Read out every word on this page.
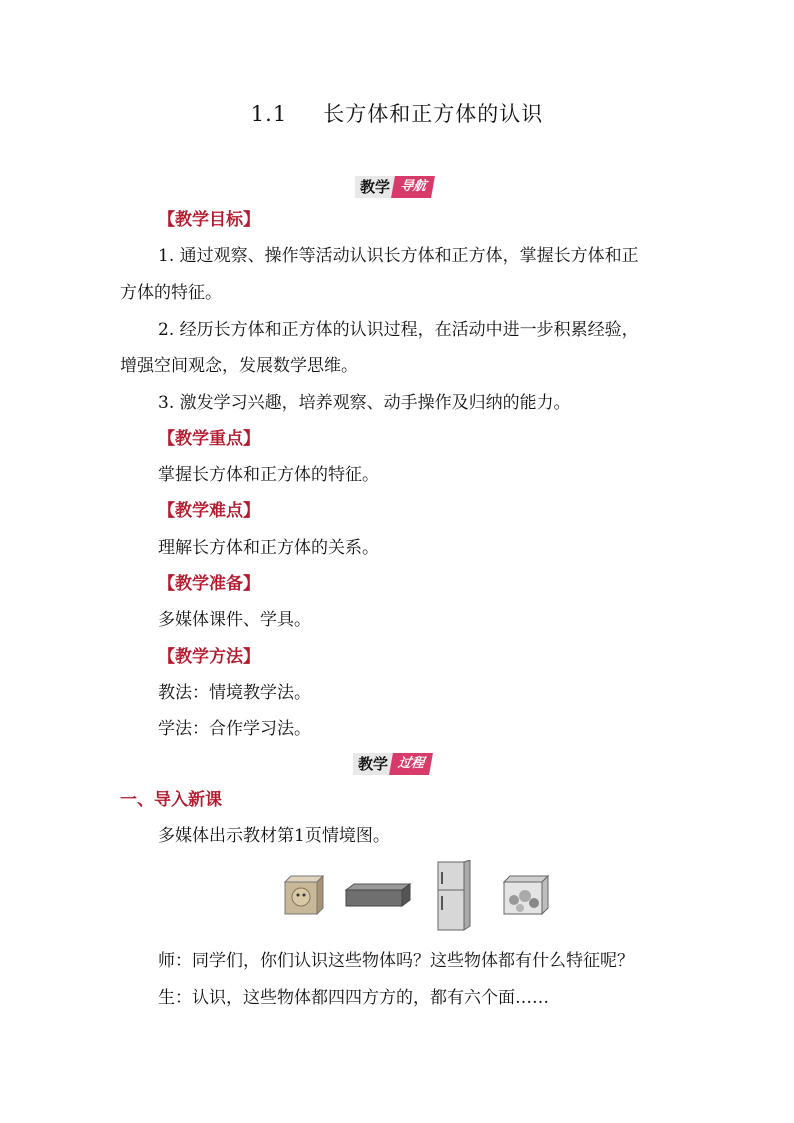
1.1 长方体和正方体的认识
教学 导航
【教学目标】
1. 通过观察、操作等活动认识长方体和正方体，掌握长方体和正
方体的特征。
2. 经历长方体和正方体的认识过程，在活动中进一步积累经验，
增强空间观念，发展数学思维。
3. 激发学习兴趣，培养观察、动手操作及归纳的能力。
【教学重点】
掌握长方体和正方体的特征。
【教学难点】
理解长方体和正方体的关系。
【教学准备】
多媒体课件、学具。
【教学方法】
教法：情境教学法。
学法：合作学习法。
教学 过程
一、导入新课
多媒体出示教材第1页情境图。
师：同学们，你们认识这些物体吗？这些物体都有什么特征呢？
生：认识，这些物体都四四方方的，都有六个面……
